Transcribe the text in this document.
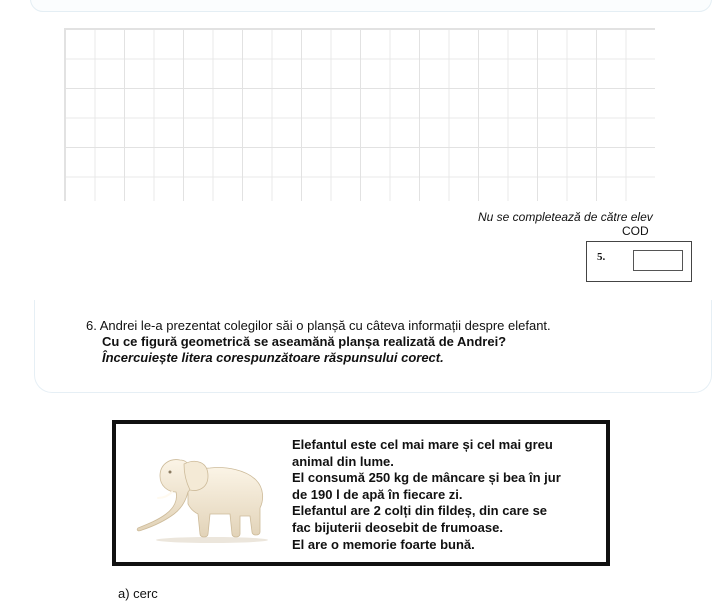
Nu se completează de către elev
COD
5.
6. Andrei le-a prezentat colegilor săi o planșă cu câteva informații despre elefant.
Cu ce figură geometrică se aseamănă planșa realizată de Andrei?
Încercuiește litera corespunzătoare răspunsului corect.
Elefantul este cel mai mare și cel mai greu
animal din lume.
El consumă 250 kg de mâncare și bea în jur
de 190 l de apă în fiecare zi.
Elefantul are 2 colți din fildeș, din care se
fac bijuterii deosebit de frumoase.
El are o memorie foarte bună.
a) cerc
